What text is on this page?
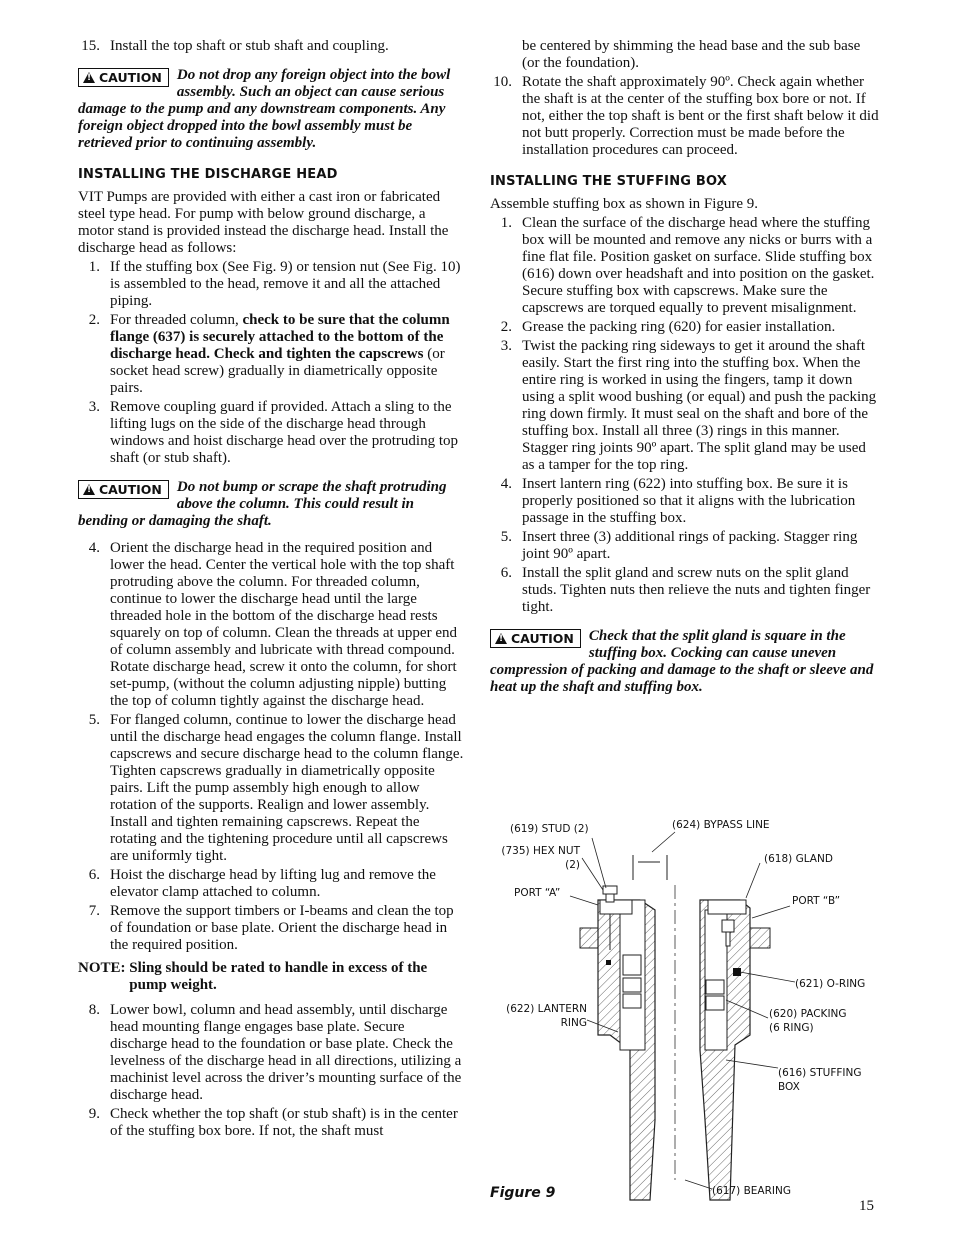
15. Install the top shaft or stub shaft and coupling.
!
CAUTION Do not drop any foreign object into the bowl assembly. Such an object can cause serious damage to the pump and any downstream components. Any foreign object dropped into the bowl assembly must be retrieved prior to continuing assembly.
INSTALLING THE DISCHARGE HEAD

VIT Pumps are provided with either a cast iron or fabricated steel type head. For pump with below ground discharge, a motor stand is provided instead the discharge head. Install the discharge head as follows:

1. If the stuffing box (See Fig. 9) or tension nut (See Fig. 10) is assembled to the head, remove it and all the attached piping.
2. For threaded column, check to be sure that the column flange (637) is securely attached to the bottom of the discharge head. Check and tighten the capscrews (or socket head screw) gradually in diametrically opposite pairs.
3. Remove coupling guard if provided. Attach a sling to the lifting lugs on the side of the discharge head through windows and hoist discharge head over the protruding top shaft (or stub shaft).
!
CAUTION Do not bump or scrape the shaft protruding above the column. This could result in bending or damaging the shaft.
4. Orient the discharge head in the required position and lower the head. Center the vertical hole with the top shaft protruding above the column. For threaded column, continue to lower the discharge head until the large threaded hole in the bottom of the discharge head rests squarely on top of column. Clean the threads at upper end of column assembly and lubricate with thread compound. Rotate discharge head, screw it onto the column, for short set-pump, (without the column adjusting nipple) butting the top of column tightly against the discharge head.
5. For flanged column, continue to lower the discharge head until the discharge head engages the column flange. Install capscrews and secure discharge head to the column flange. Tighten capscrews gradually in diametrically opposite pairs. Lift the pump assembly high enough to allow rotation of the supports. Realign and lower assembly. Install and tighten remaining capscrews. Repeat the rotating and the tightening procedure until all capscrews are uniformly tight.
6. Hoist the discharge head by lifting lug and remove the elevator clamp attached to column.
7. Remove the support timbers or I-beams and clean the top of foundation or base plate. Orient the discharge head in the required position.
NOTE: Sling should be rated to handle in excess of the pump weight.
8. Lower bowl, column and head assembly, until discharge head mounting flange engages base plate. Secure discharge head to the foundation or base plate. Check the levelness of the discharge head in all directions, utilizing a machinist level across the driver’s mounting surface of the discharge head.
9. Check whether the top shaft (or stub shaft) is in the center of the stuffing box bore. If not, the shaft must
be centered by shimming the head base and the sub base (or the foundation).
10. Rotate the shaft approximately 90º. Check again whether the shaft is at the center of the stuffing box bore or not. If not, either the top shaft is bent or the first shaft below it did not butt properly. Correction must be made before the installation procedures can proceed.
INSTALLING THE STUFFING BOX

Assemble stuffing box as shown in Figure 9.

1. Clean the surface of the discharge head where the stuffing box will be mounted and remove any nicks or burrs with a fine flat file. Position gasket on surface. Slide stuffing box (616) down over headshaft and into position on the gasket. Secure stuffing box with capscrews. Make sure the capscrews are torqued equally to prevent misalignment.
2. Grease the packing ring (620) for easier installation.
3. Twist the packing ring sideways to get it around the shaft easily. Start the first ring into the stuffing box. When the entire ring is worked in using the fingers, tamp it down using a split wood bushing (or equal) and push the packing ring down firmly. It must seal on the shaft and bore of the stuffing box. Install all three (3) rings in this manner. Stagger ring joints 90º apart. The split gland may be used as a tamper for the top ring.
4. Insert lantern ring (622) into stuffing box. Be sure it is properly positioned so that it aligns with the lubrication passage in the stuffing box.
5. Insert three (3) additional rings of packing. Stagger ring joint 90º apart.
6. Install the split gland and screw nuts on the split gland studs. Tighten nuts then relieve the nuts and tighten finger tight.
!
CAUTION Check that the split gland is square in the stuffing box. Cocking can cause uneven compression of packing and damage to the shaft or sleeve and heat up the shaft and stuffing box.
(619) STUD (2)
(735) HEX NUT
(2)
PORT “A”
(622) LANTERN
RING
(624) BYPASS LINE
(618) GLAND
PORT “B”
(621) O-RING
(620) PACKING
(6 RING)
(616) STUFFING
BOX
(617) BEARING
Figure 9
15
